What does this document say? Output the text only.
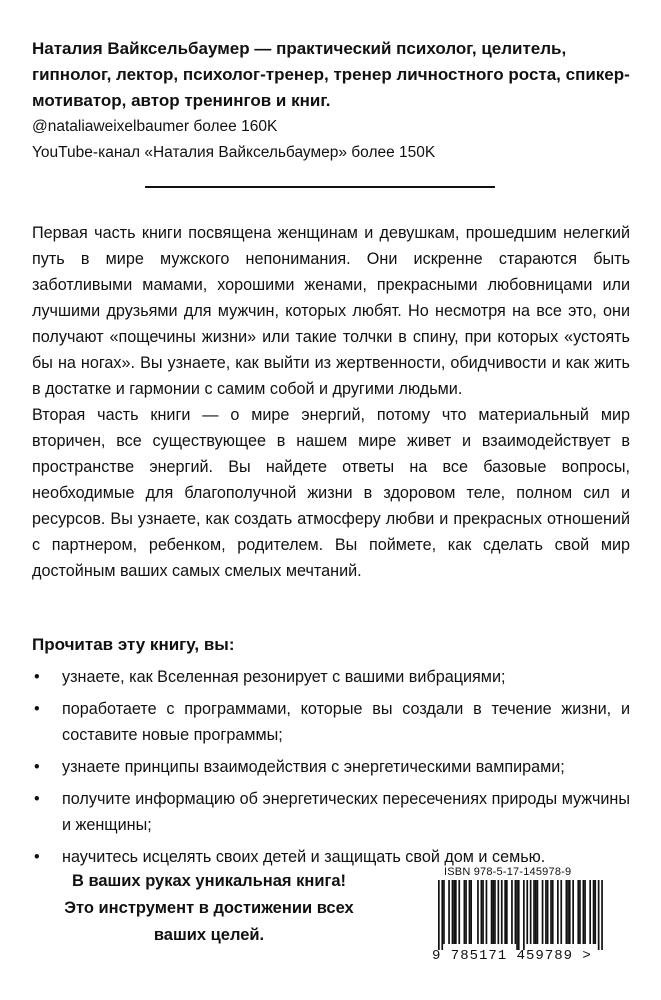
Наталия Вайксельбаумер — практический психолог, целитель, гипнолог, лектор, психолог-тренер, тренер личностного роста, спикер-мотиватор, автор тренингов и книг.

@nataliaweixelbaumer более 160K

YouTube-канал «Наталия Вайксельбаумер» более 150K

Первая часть книги посвящена женщинам и девушкам, прошедшим нелегкий путь в мире мужского непонимания. Они искренне стараются быть заботливыми мамами, хорошими женами, прекрасными любовницами или лучшими друзьями для мужчин, которых любят. Но несмотря на все это, они получают «пощечины жизни» или такие толчки в спину, при которых «устоять бы на ногах». Вы узнаете, как выйти из жертвенности, обидчивости и как жить в достатке и гармонии с самим собой и другими людьми.

Вторая часть книги — о мире энергий, потому что материальный мир вторичен, все существующее в нашем мире живет и взаимодействует в пространстве энергий. Вы найдете ответы на все базовые вопросы, необходимые для благополучной жизни в здоровом теле, полном сил и ресурсов. Вы узнаете, как создать атмосферу любви и прекрасных отношений с партнером, ребенком, родителем. Вы поймете, как сделать свой мир достойным ваших самых смелых мечтаний.

Прочитав эту книгу, вы:

• узнаете, как Вселенная резонирует с вашими вибрациями;
• поработаете с программами, которые вы создали в течение жизни, и составите новые программы;
• узнаете принципы взаимодействия с энергетическими вампирами;
• получите информацию об энергетических пересечениях природы мужчины и женщины;
• научитесь исцелять своих детей и защищать свой дом и семью.
В ваших руках уникальная книга!
Это инструмент в достижении всех
ваших целей.
ISBN 978-5-17-145978-9
9 785171 459789 >
